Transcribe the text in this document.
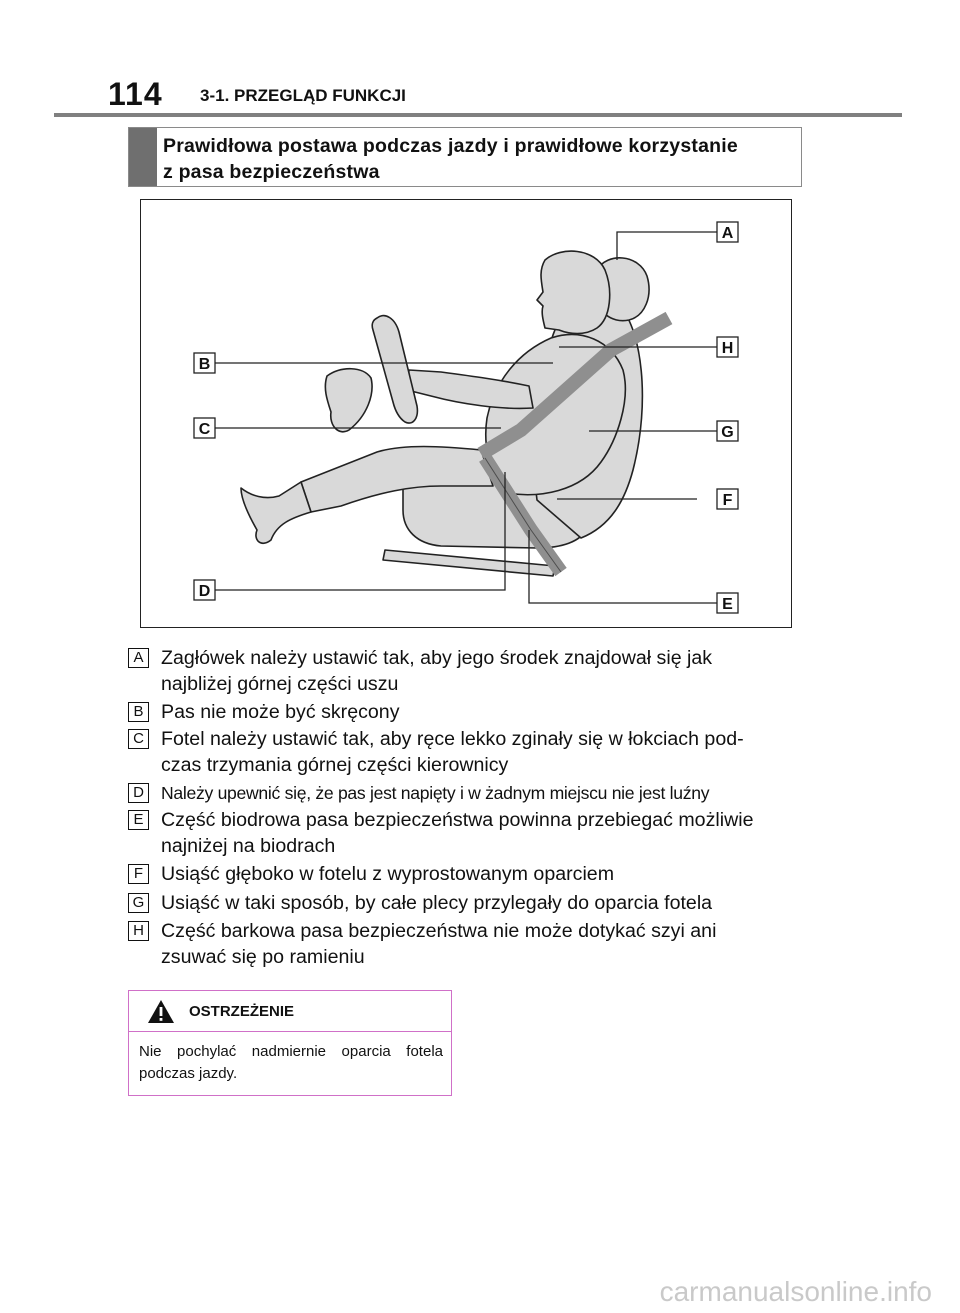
114 3-1. PRZEGLĄD FUNKCJI
Prawidłowa postawa podczas jazdy i prawidłowe korzystanie
z pasa bezpieczeństwa
A
B
C
D
E
F
G
H
A Zagłówek należy ustawić tak, aby jego środek znajdował się jak
najbliżej górnej części uszu
B Pas nie może być skręcony
C Fotel należy ustawić tak, aby ręce lekko zginały się w łokciach pod-
czas trzymania górnej części kierownicy
D Należy upewnić się, że pas jest napięty i w żadnym miejscu nie jest luźny
E Część biodrowa pasa bezpieczeństwa powinna przebiegać możliwie
najniżej na biodrach
F Usiąść głęboko w fotelu z wyprostowanym oparciem
G Usiąść w taki sposób, by całe plecy przylegały do oparcia fotela
H Część barkowa pasa bezpieczeństwa nie może dotykać szyi ani
zsuwać się po ramieniu
OSTRZEŻENIE
Nie pochylać nadmiernie oparcia fotela podczas jazdy.
carmanualsonline.info
